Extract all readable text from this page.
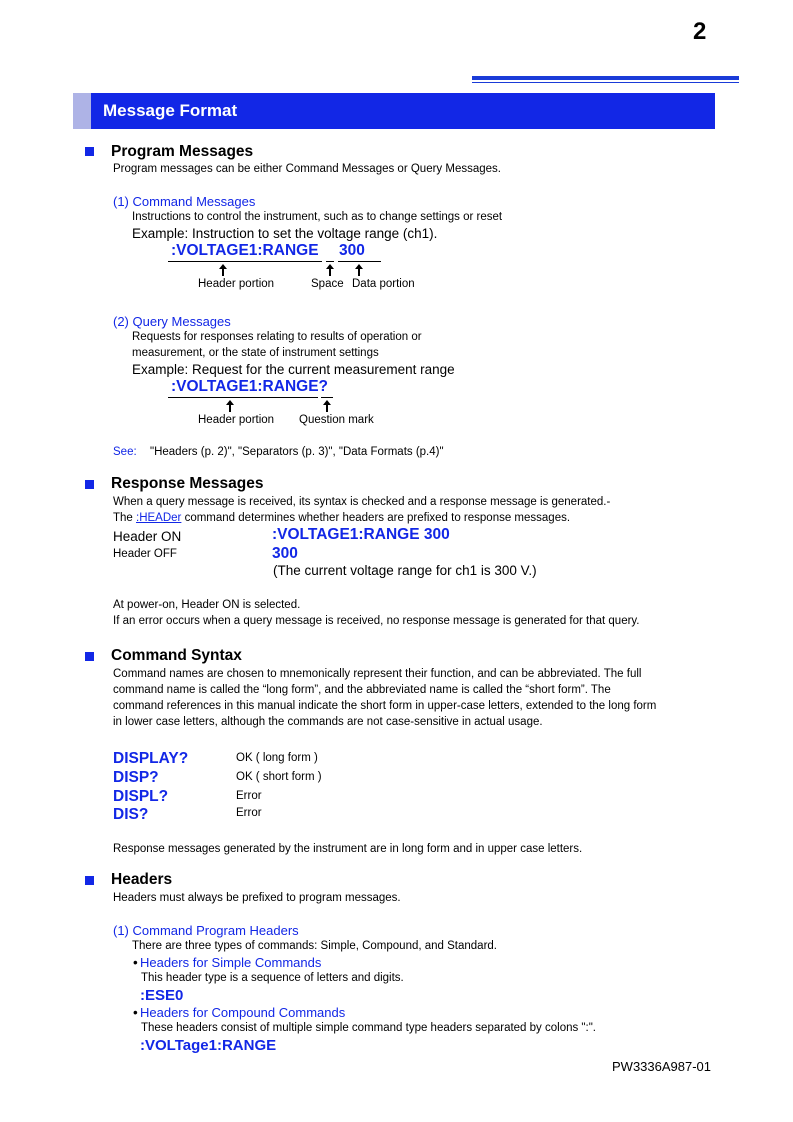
2
Message Format
Program Messages
Program messages can be either Command Messages or Query Messages.
(1) Command Messages
Instructions to control the instrument, such as to change settings or reset
Example: Instruction to set the voltage range (ch1).
:VOLTAGE1:RANGE 300
Header portion	Space Data portion
(2) Query Messages
Requests for responses relating to results of operation or
measurement, or the state of instrument settings
Example: Request for the current measurement range
:VOLTAGE1:RANGE?
Header portion Question mark
See: "Headers (p. 2)", "Separators (p. 3)", "Data Formats (p.4)"
Response Messages
When a query message is received, its syntax is checked and a response message is generated.-
The :HEADer command determines whether headers are prefixed to response messages.
Header ON	:VOLTAGE1:RANGE 300
Header OFF	300
(The current voltage range for ch1 is 300 V.)
At power-on, Header ON is selected.
If an error occurs when a query message is received, no response message is generated for that query.
Command Syntax
Command names are chosen to mnemonically represent their function, and can be abbreviated. The full
command name is called the “long form”, and the abbreviated name is called the “short form”. The
command references in this manual indicate the short form in upper-case letters, extended to the long form
in lower case letters, although the commands are not case-sensitive in actual usage.
DISPLAY?	OK ( long form )
DISP?	OK ( short form )
DISPL?	Error
DIS?	Error
Response messages generated by the instrument are in long form and in upper case letters.
Headers
Headers must always be prefixed to program messages.
(1) Command Program Headers
There are three types of commands: Simple, Compound, and Standard.
• Headers for Simple Commands
This header type is a sequence of letters and digits.
:ESE0
• Headers for Compound Commands
These headers consist of multiple simple command type headers separated by colons ":".
:VOLTage1:RANGE
PW3336A987-01
